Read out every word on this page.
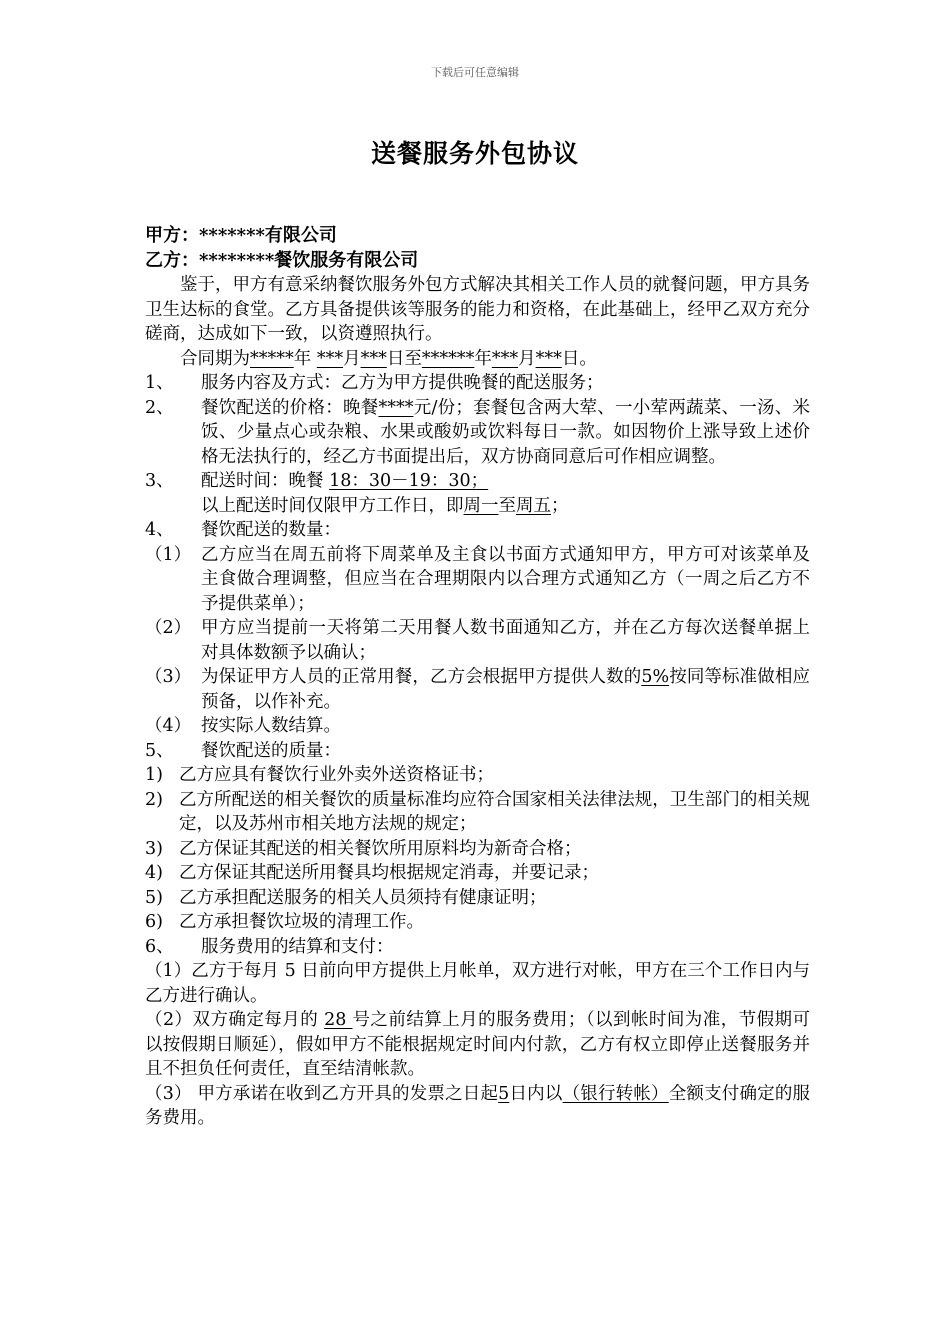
下载后可任意编辑
送餐服务外包协议
甲方：*******有限公司
乙方：********餐饮服务有限公司
鉴于，甲方有意采纳餐饮服务外包方式解决其相关工作人员的就餐问题，甲方具务卫生达标的食堂。乙方具备提供该等服务的能力和资格，在此基础上，经甲乙双方充分磋商，达成如下一致，以资遵照执行。
合同期为*****年 ***月***日至******年***月***日。
1、	服务内容及方式：乙方为甲方提供晚餐的配送服务；
2、	餐饮配送的价格：晚餐****元/份；套餐包含两大荤、一小荤两蔬菜、一汤、米饭、少量点心或杂粮、水果或酸奶或饮料每日一款。如因物价上涨导致上述价格无法执行的，经乙方书面提出后，双方协商同意后可作相应调整。
3、	配送时间：晚餐 18：30－19：30；
以上配送时间仅限甲方工作日，即周一至周五；
4、	餐饮配送的数量：
（1） 乙方应当在周五前将下周菜单及主食以书面方式通知甲方，甲方可对该菜单及主食做合理调整，但应当在合理期限内以合理方式通知乙方（一周之后乙方不予提供菜单）；
（2） 甲方应当提前一天将第二天用餐人数书面通知乙方，并在乙方每次送餐单据上对具体数额予以确认；
（3） 为保证甲方人员的正常用餐，乙方会根据甲方提供人数的5%按同等标准做相应预备，以作补充。
（4） 按实际人数结算。
5、	餐饮配送的质量：
1) 乙方应具有餐饮行业外卖外送资格证书；
2) 乙方所配送的相关餐饮的质量标准均应符合国家相关法律法规，卫生部门的相关规定，以及苏州市相关地方法规的规定；
3) 乙方保证其配送的相关餐饮所用原料均为新奇合格；
4) 乙方保证其配送所用餐具均根据规定消毒，并要记录；
5) 乙方承担配送服务的相关人员须持有健康证明；
6) 乙方承担餐饮垃圾的清理工作。
6、	服务费用的结算和支付：
（1）乙方于每月 5 日前向甲方提供上月帐单，双方进行对帐，甲方在三个工作日内与乙方进行确认。
（2）双方确定每月的 28 号之前结算上月的服务费用；（以到帐时间为准，节假期可以按假期日顺延），假如甲方不能根据规定时间内付款，乙方有权立即停止送餐服务并且不担负任何责任，直至结清帐款。
（3） 甲方承诺在收到乙方开具的发票之日起5日内以（银行转帐）全额支付确定的服务费用。
